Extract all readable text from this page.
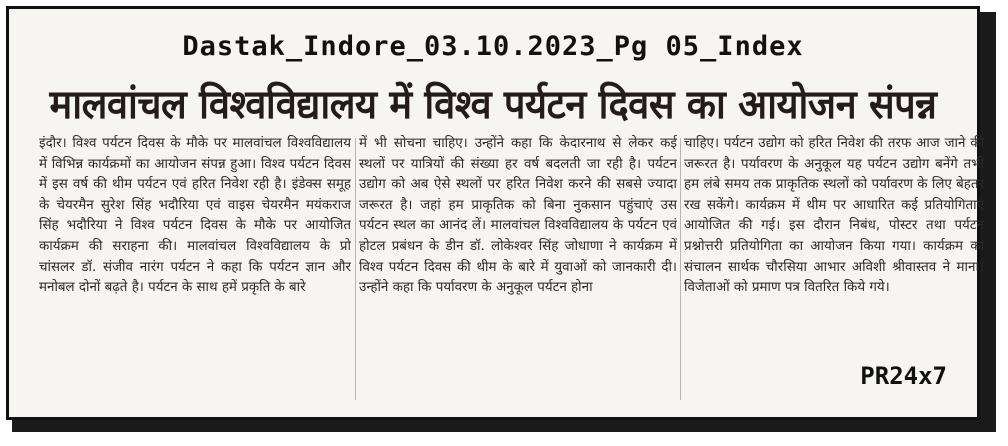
Dastak_Indore_03.10.2023_Pg 05_Index
मालवांचल विश्वविद्यालय में विश्व पर्यटन दिवस का आयोजन संपन्न
इंदौर। विश्व पर्यटन दिवस के मौके पर मालवांचल विश्वविद्यालय में विभिन्न कार्यक्रमों का आयोजन संपन्न हुआ। विश्व पर्यटन दिवस में इस वर्ष की थीम पर्यटन एवं हरित निवेश रही है। इंडेक्स समूह के चेयरमैन सुरेश सिंह भदौरिया एवं वाइस चेयरमैन मयंकराज सिंह भदौरिया ने विश्व पर्यटन दिवस के मौके पर आयोजित कार्यक्रम की सराहना की। मालवांचल विश्वविद्यालय के प्रो चांसलर डॉ. संजीव नारंग पर्यटन ने कहा कि पर्यटन ज्ञान और मनोबल दोनों बढ़ते है। पर्यटन के साथ हमें प्रकृति के बारे
में भी सोचना चाहिए। उन्होंने कहा कि केदारनाथ से लेकर कई स्थलों पर यात्रियों की संख्या हर वर्ष बदलती जा रही है। पर्यटन उद्योग को अब ऐसे स्थलों पर हरित निवेश करने की सबसे ज्यादा जरूरत है। जहां हम प्राकृतिक को बिना नुकसान पहुंचाएं उस पर्यटन स्थल का आनंद लें। मालवांचल विश्वविद्यालय के पर्यटन एवं होटल प्रबंधन के डीन डॉ. लोकेश्वर सिंह जोधाणा ने कार्यक्रम में विश्व पर्यटन दिवस की थीम के बारे में युवाओं को जानकारी दी। उन्होंने कहा कि पर्यावरण के अनुकूल पर्यटन होना
चाहिए। पर्यटन उद्योग को हरित निवेश की तरफ आज जाने की जरूरत है। पर्यावरण के अनुकूल यह पर्यटन उद्योग बनेंगे तभी हम लंबे समय तक प्राकृतिक स्थलों को पर्यावरण के लिए बेहतर रख सकेंगे। कार्यक्रम में थीम पर आधारित कई प्रतियोगिताएं आयोजित की गई। इस दौरान निबंध, पोस्टर तथा पर्यटन प्रश्नोत्तरी प्रतियोगिता का आयोजन किया गया। कार्यक्रम का संचालन सार्थक चौरसिया आभार अविशी श्रीवास्तव ने माना। विजेताओं को प्रमाण पत्र वितरित किये गये।
PR24x7
